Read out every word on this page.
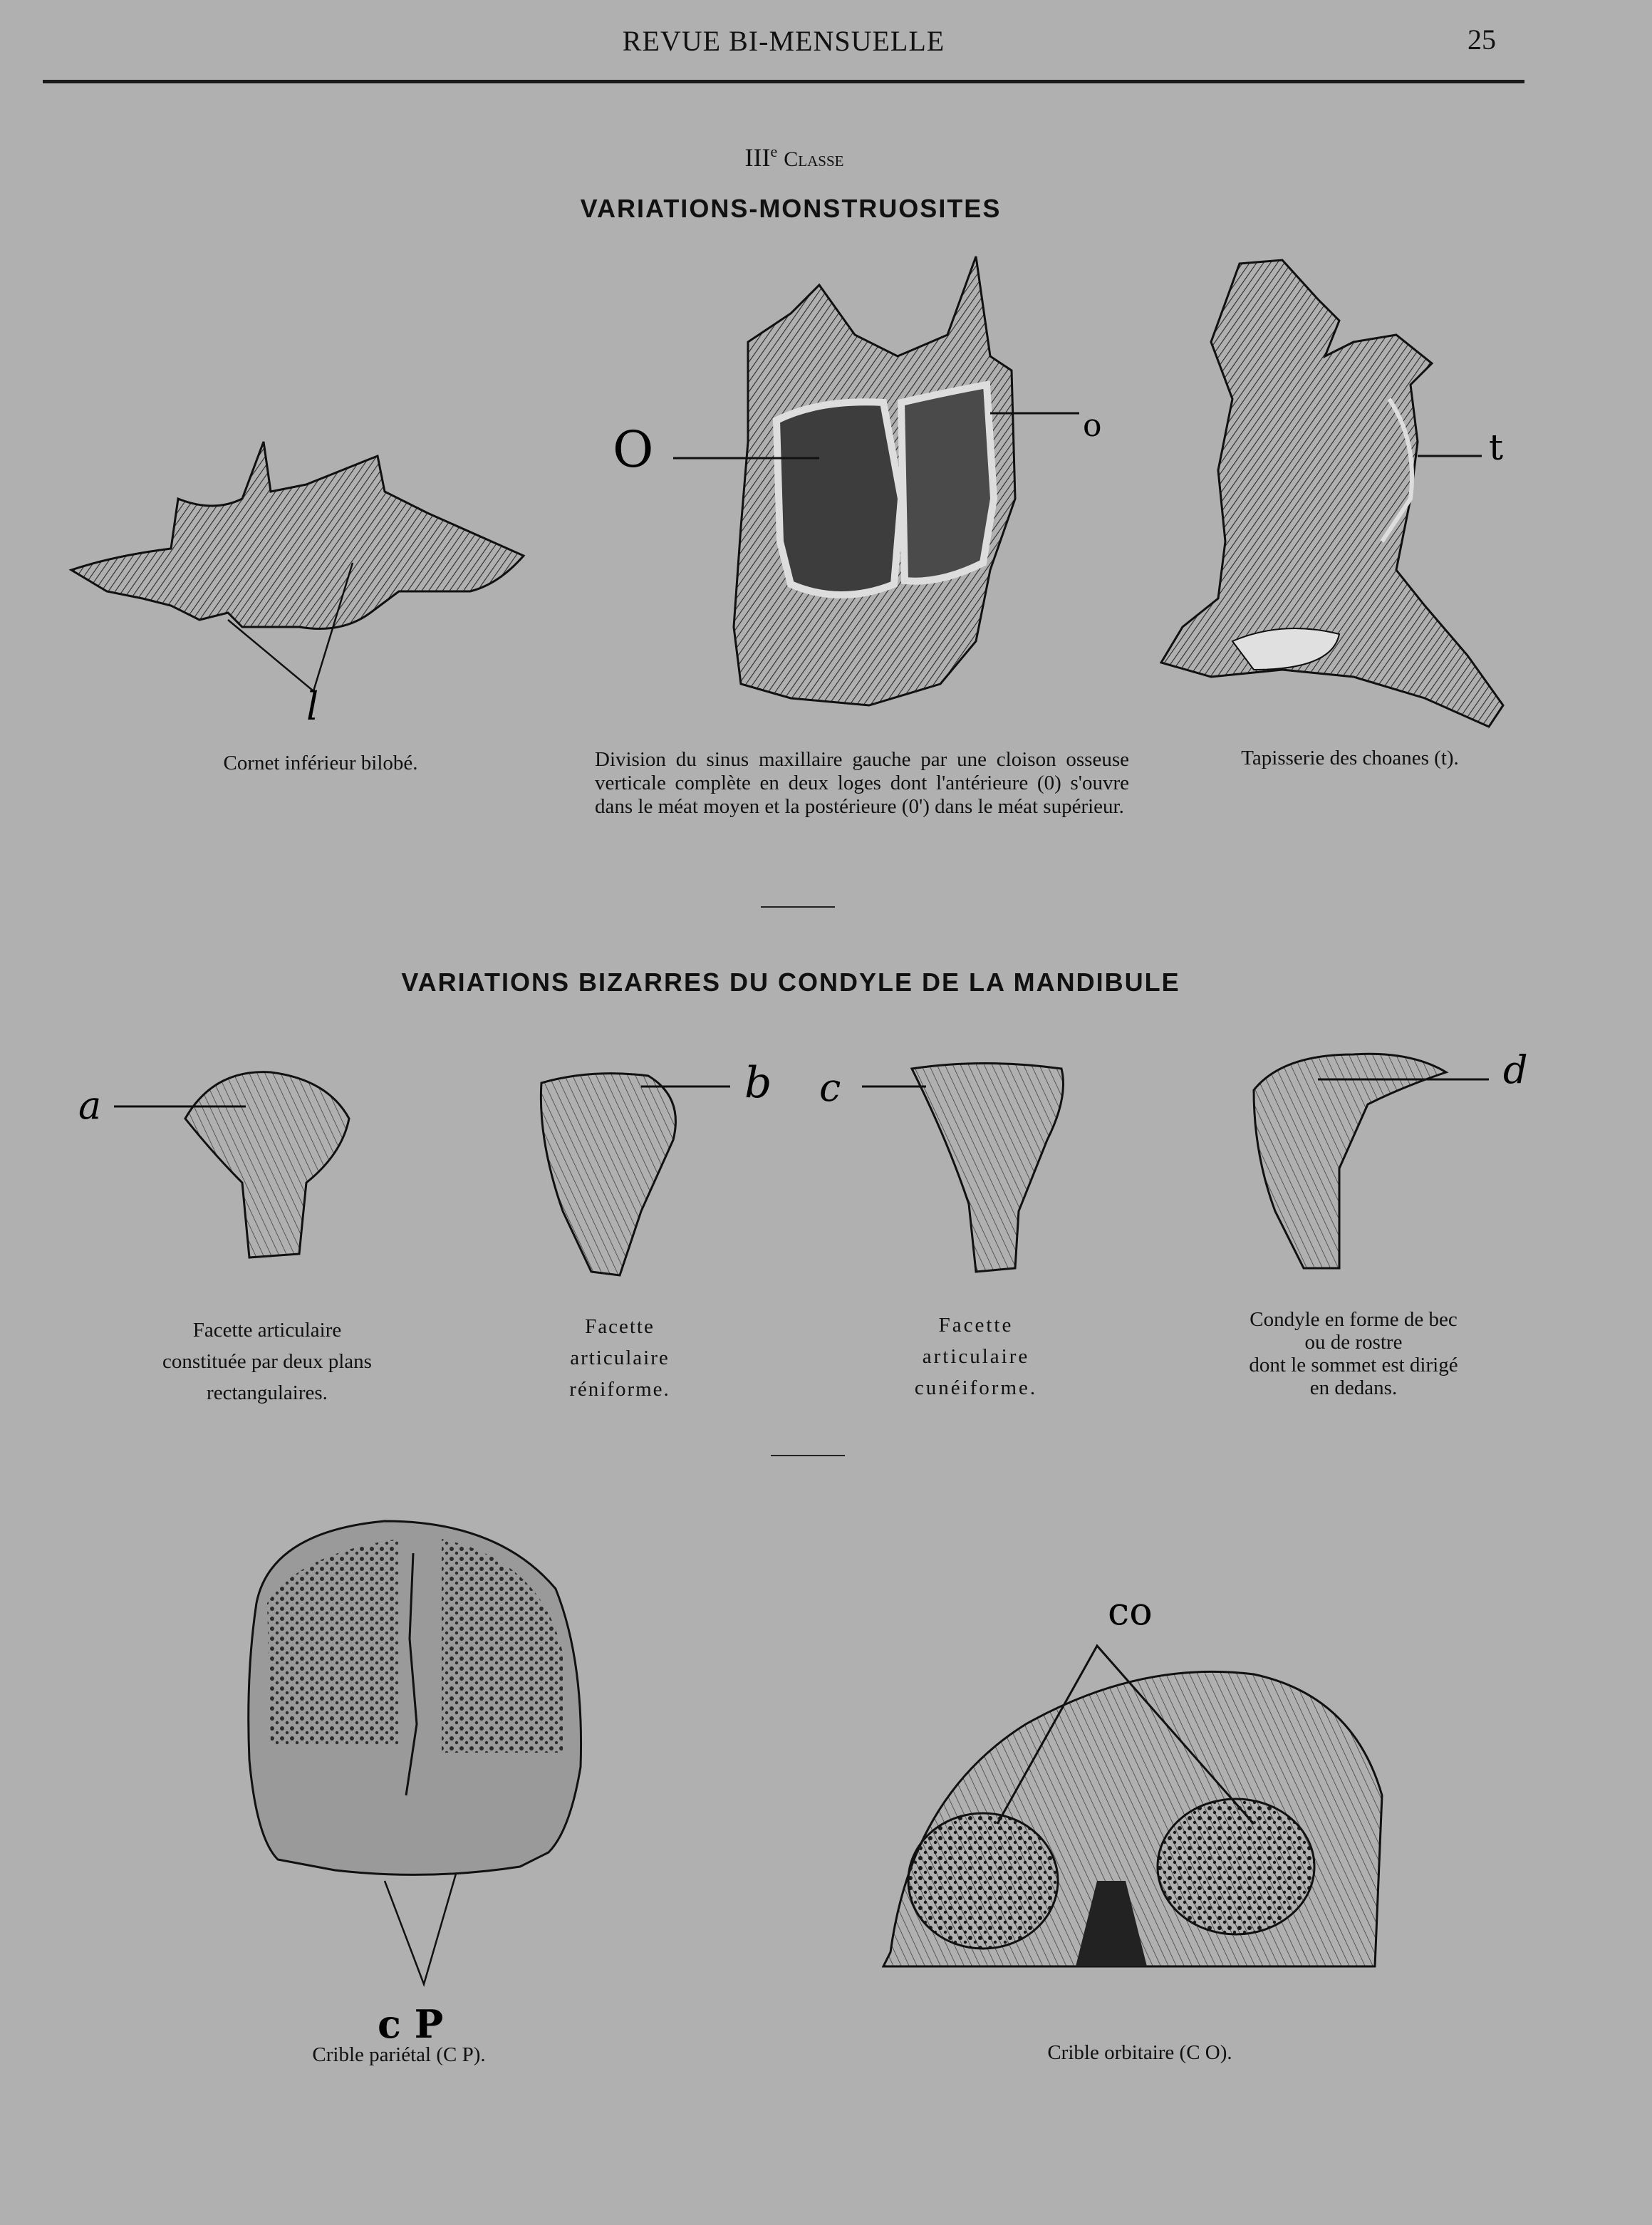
REVUE BI-MENSUELLE	25
IIIe Classe
VARIATIONS-MONSTRUOSITES
l
O	o
t
a	b c	d
c P
co
Cornet inférieur bilobé.	Division du sinus maxillaire gauche par une cloison osseuse verticale complète en deux loges dont l'antérieure (0) s'ouvre dans le méat moyen et la postérieure (0') dans le méat supérieur.
Tapisserie des choanes (t).
VARIATIONS BIZARRES DU CONDYLE DE LA MANDIBULE
Facette articulaire
constituée par deux plans
rectangulaires.
Facette
articulaire
réniforme.
Facette
articulaire
cunéiforme.
Condyle en forme de bec
ou de rostre
dont le sommet est dirigé
en dedans.
Crible pariétal (C P).	Crible orbitaire (C O).
